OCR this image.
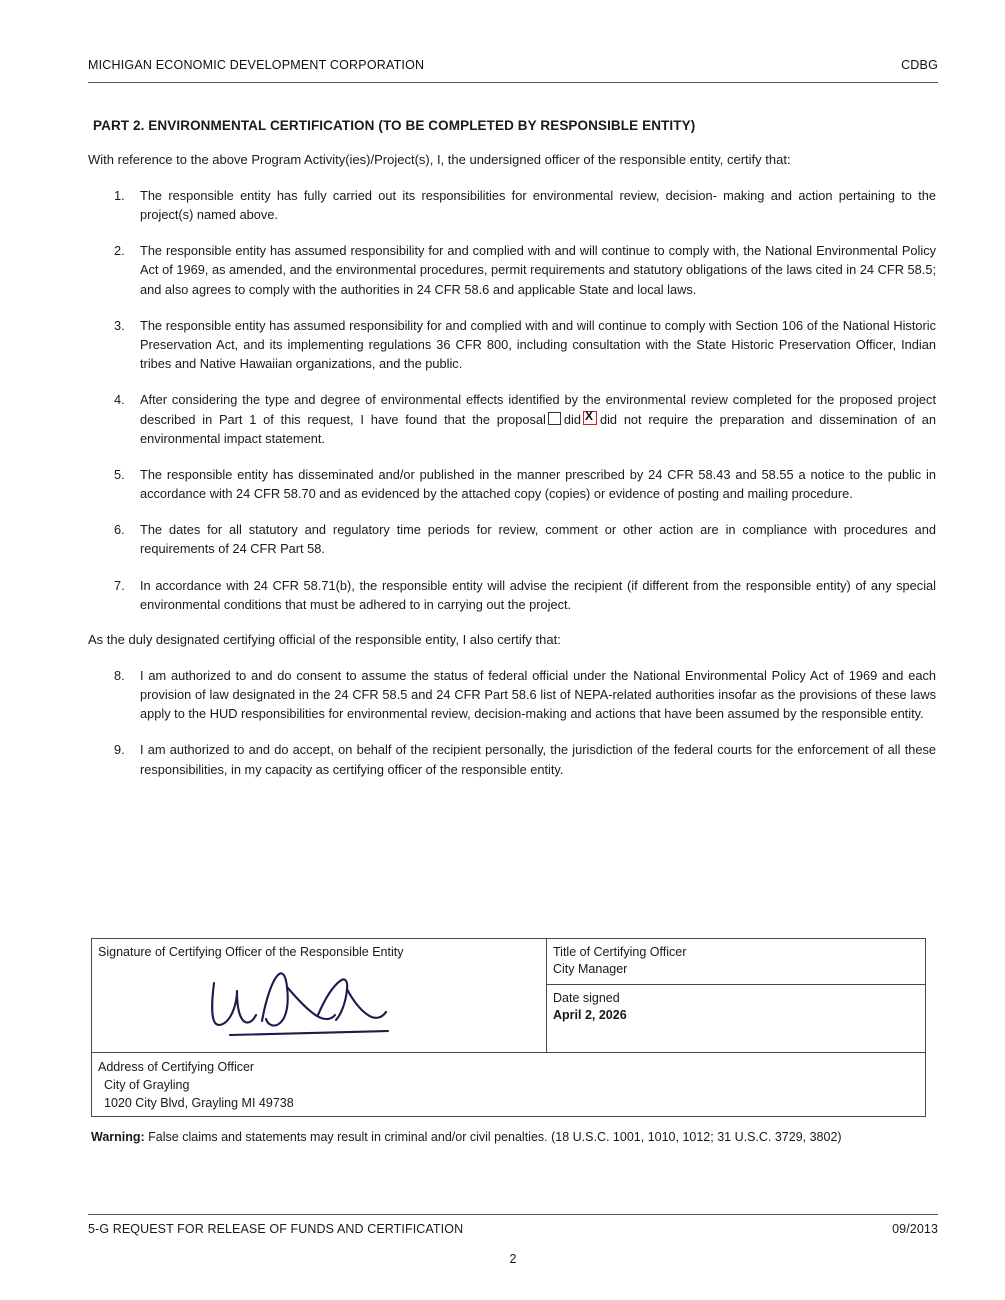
MICHIGAN ECONOMIC DEVELOPMENT CORPORATION	CDBG
PART 2. ENVIRONMENTAL CERTIFICATION (TO BE COMPLETED BY RESPONSIBLE ENTITY)

With reference to the above Program Activity(ies)/Project(s), I, the undersigned officer of the responsible entity, certify that:

1.	The responsible entity has fully carried out its responsibilities for environmental review, decision- making and action pertaining to the project(s) named above.
2.	The responsible entity has assumed responsibility for and complied with and will continue to comply with, the National Environmental Policy Act of 1969, as amended, and the environmental procedures, permit requirements and statutory obligations of the laws cited in 24 CFR 58.5; and also agrees to comply with the authorities in 24 CFR 58.6 and applicable State and local laws.
3.	The responsible entity has assumed responsibility for and complied with and will continue to comply with Section 106 of the National Historic Preservation Act, and its implementing regulations 36 CFR 800, including consultation with the State Historic Preservation Officer, Indian tribes and Native Hawaiian organizations, and the public.
4.	After considering the type and degree of environmental effects identified by the environmental review completed for the proposed project described in Part 1 of this request, I have found that the proposal did X did not require the preparation and dissemination of an environmental impact statement.
5.	The responsible entity has disseminated and/or published in the manner prescribed by 24 CFR 58.43 and 58.55 a notice to the public in accordance with 24 CFR 58.70 and as evidenced by the attached copy (copies) or evidence of posting and mailing procedure.
6.	The dates for all statutory and regulatory time periods for review, comment or other action are in compliance with procedures and requirements of 24 CFR Part 58.
7.	In accordance with 24 CFR 58.71(b), the responsible entity will advise the recipient (if different from the responsible entity) of any special environmental conditions that must be adhered to in carrying out the project.

As the duly designated certifying official of the responsible entity, I also certify that:

8.	I am authorized to and do consent to assume the status of federal official under the National Environmental Policy Act of 1969 and each provision of law designated in the 24 CFR 58.5 and 24 CFR Part 58.6 list of NEPA-related authorities insofar as the provisions of these laws apply to the HUD responsibilities for environmental review, decision-making and actions that have been assumed by the responsible entity.
9.	I am authorized to and do accept, on behalf of the recipient personally, the jurisdiction of the federal courts for the enforcement of all these responsibilities, in my capacity as certifying officer of the responsible entity.
Signature of Certifying Officer of the Responsible Entity	Title of Certifying Officer
City Manager
Date signed
April 2, 2026
Address of Certifying Officer
City of Grayling
1020 City Blvd, Grayling MI 49738
Warning: False claims and statements may result in criminal and/or civil penalties. (18 U.S.C. 1001, 1010, 1012; 31 U.S.C. 3729, 3802)
5-G REQUEST FOR RELEASE OF FUNDS AND CERTIFICATION	09/2013
2
